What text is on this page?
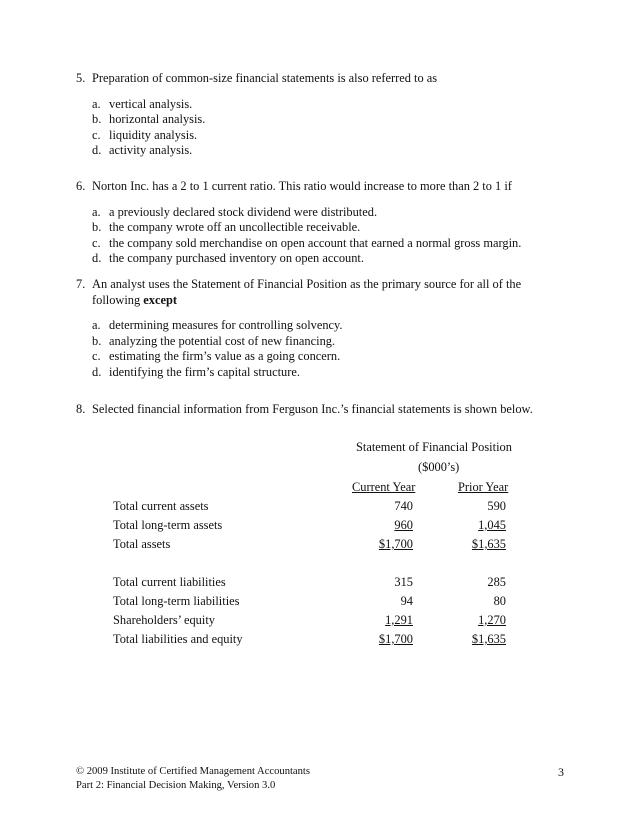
5. Preparation of common-size financial statements is also referred to as
a. vertical analysis.
b. horizontal analysis.
c. liquidity analysis.
d. activity analysis.
6. Norton Inc. has a 2 to 1 current ratio. This ratio would increase to more than 2 to 1 if
a. a previously declared stock dividend were distributed.
b. the company wrote off an uncollectible receivable.
c. the company sold merchandise on open account that earned a normal gross margin.
d. the company purchased inventory on open account.
7. An analyst uses the Statement of Financial Position as the primary source for all of the following except
a. determining measures for controlling solvency.
b. analyzing the potential cost of new financing.
c. estimating the firm’s value as a going concern.
d. identifying the firm’s capital structure.
8. Selected financial information from Ferguson Inc.’s financial statements is shown below.
Statement of Financial Position
($000’s)
Current Year	Prior Year
Total current assets	740	590
Total long-term assets	960	1,045
Total assets	$1,700	$1,635
Total current liabilities	315	285
Total long-term liabilities	94	80
Shareholders’ equity	1,291	1,270
Total liabilities and equity	$1,700	$1,635
© 2009 Institute of Certified Management Accountants
Part 2: Financial Decision Making, Version 3.0
3
